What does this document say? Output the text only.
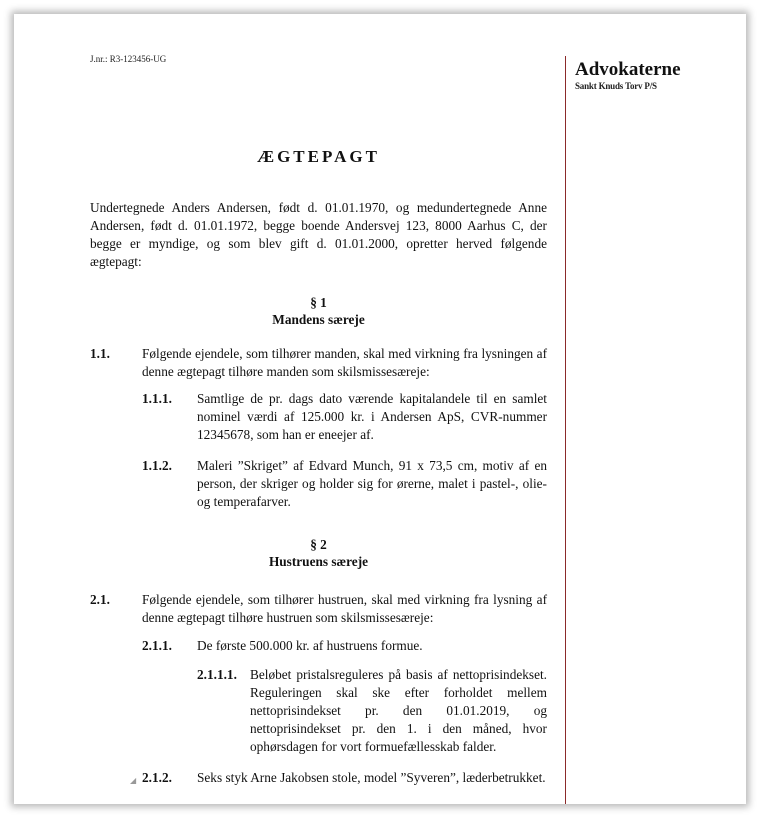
J.nr.: R3-123456-UG	Advokaterne
Sankt Knuds Torv P/S
ÆGTEPAGT
Undertegnede Anders Andersen, født d. 01.01.1970, og medundertegnede Anne Andersen, født d. 01.01.1972, begge boende Andersvej 123, 8000 Aarhus C, der begge er myndige, og som blev gift d. 01.01.2000, opretter herved følgende ægtepagt:
§ 1
Mandens særeje
1.1. Følgende ejendele, som tilhører manden, skal med virkning fra lysningen af denne ægtepagt tilhøre manden som skilsmissesæreje:
1.1.1. Samtlige de pr. dags dato værende kapitalandele til en samlet nominel værdi af 125.000 kr. i Andersen ApS, CVR-nummer 12345678, som han er eneejer af.
1.1.2. Maleri ”Skriget” af Edvard Munch, 91 x 73,5 cm, motiv af en person, der skriger og holder sig for ørerne, malet i pastel-, olie- og temperafarver.
§ 2
Hustruens særeje
2.1. Følgende ejendele, som tilhører hustruen, skal med virkning fra lysning af denne ægtepagt tilhøre hustruen som skilsmissesæreje:
2.1.1. De første 500.000 kr. af hustruens formue.
2.1.1.1. Beløbet pristalsreguleres på basis af nettoprisindekset. Reguleringen skal ske efter forholdet mellem nettoprisindekset pr. den 01.01.2019, og nettoprisindekset pr. den 1. i den måned, hvor ophørsdagen for vort formuefællesskab falder.
◢ 2.1.2. Seks styk Arne Jakobsen stole, model ”Syveren”, læderbetrukket.
